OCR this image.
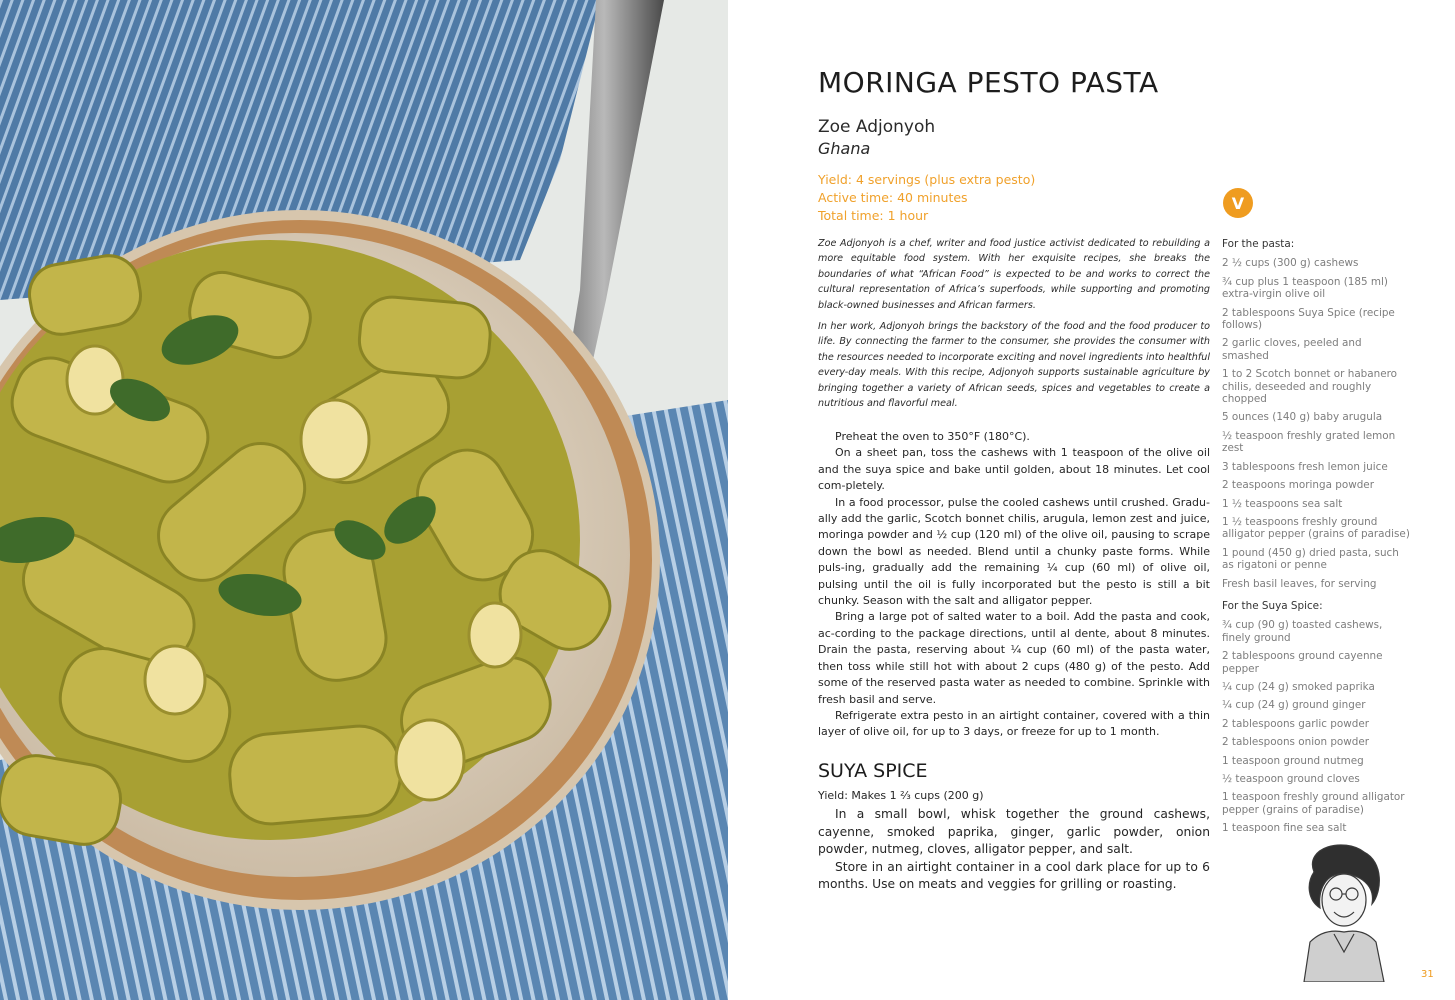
MORINGA PESTO PASTA
Zoe Adjonyoh
Ghana
Yield: 4 servings (plus extra pesto)
Active time: 40 minutes
Total time: 1 hour
V

Zoe Adjonyoh is a chef, writer and food justice activist dedicated to rebuilding a more equitable food system. With her exquisite recipes, she breaks the boundaries of what “African Food” is expected to be and works to correct the cultural representation of Africa’s superfoods, while supporting and promoting black-owned businesses and African farmers.

In her work, Adjonyoh brings the backstory of the food and the food producer to life. By connecting the farmer to the consumer, she provides the consumer with the resources needed to incorporate exciting and novel ingredients into healthful every-day meals. With this recipe, Adjonyoh supports sustainable agriculture by bringing together a variety of African seeds, spices and vegetables to create a nutritious and flavorful meal.

Preheat the oven to 350°F (180°C).

On a sheet pan, toss the cashews with 1 teaspoon of the olive oil and the suya spice and bake until golden, about 18 minutes. Let cool com-pletely.

In a food processor, pulse the cooled cashews until crushed. Gradu-ally add the garlic, Scotch bonnet chilis, arugula, lemon zest and juice, moringa powder and ½ cup (120 ml) of the olive oil, pausing to scrape down the bowl as needed. Blend until a chunky paste forms. While puls-ing, gradually add the remaining ¼ cup (60 ml) of olive oil, pulsing until the oil is fully incorporated but the pesto is still a bit chunky. Season with the salt and alligator pepper.

Bring a large pot of salted water to a boil. Add the pasta and cook, ac-cording to the package directions, until al dente, about 8 minutes. Drain the pasta, reserving about ¼ cup (60 ml) of the pasta water, then toss while still hot with about 2 cups (480 g) of the pesto. Add some of the reserved pasta water as needed to combine. Sprinkle with fresh basil and serve.

Refrigerate extra pesto in an airtight container, covered with a thin layer of olive oil, for up to 3 days, or freeze for up to 1 month.

SUYA SPICE
Yield: Makes 1 ⅔ cups (200 g)

In a small bowl, whisk together the ground cashews, cayenne, smoked paprika, ginger, garlic powder, onion powder, nutmeg, cloves, alligator pepper, and salt.

Store in an airtight container in a cool dark place for up to 6 months. Use on meats and veggies for grilling or roasting.

For the pasta:
2 ½ cups (300 g) cashews
¾ cup plus 1 teaspoon (185 ml) extra-virgin olive oil
2 tablespoons Suya Spice (recipe follows)
2 garlic cloves, peeled and smashed
1 to 2 Scotch bonnet or habanero chilis, deseeded and roughly chopped
5 ounces (140 g) baby arugula
½ teaspoon freshly grated lemon zest
3 tablespoons fresh lemon juice
2 teaspoons moringa powder
1 ½ teaspoons sea salt
1 ½ teaspoons freshly ground alligator pepper (grains of paradise)
1 pound (450 g) dried pasta, such as rigatoni or penne
Fresh basil leaves, for serving
For the Suya Spice:
¾ cup (90 g) toasted cashews, finely ground
2 tablespoons ground cayenne pepper
¼ cup (24 g) smoked paprika
¼ cup (24 g) ground ginger
2 tablespoons garlic powder
2 tablespoons onion powder
1 teaspoon ground nutmeg
½ teaspoon ground cloves
1 teaspoon freshly ground alligator pepper (grains of paradise)
1 teaspoon fine sea salt
31
